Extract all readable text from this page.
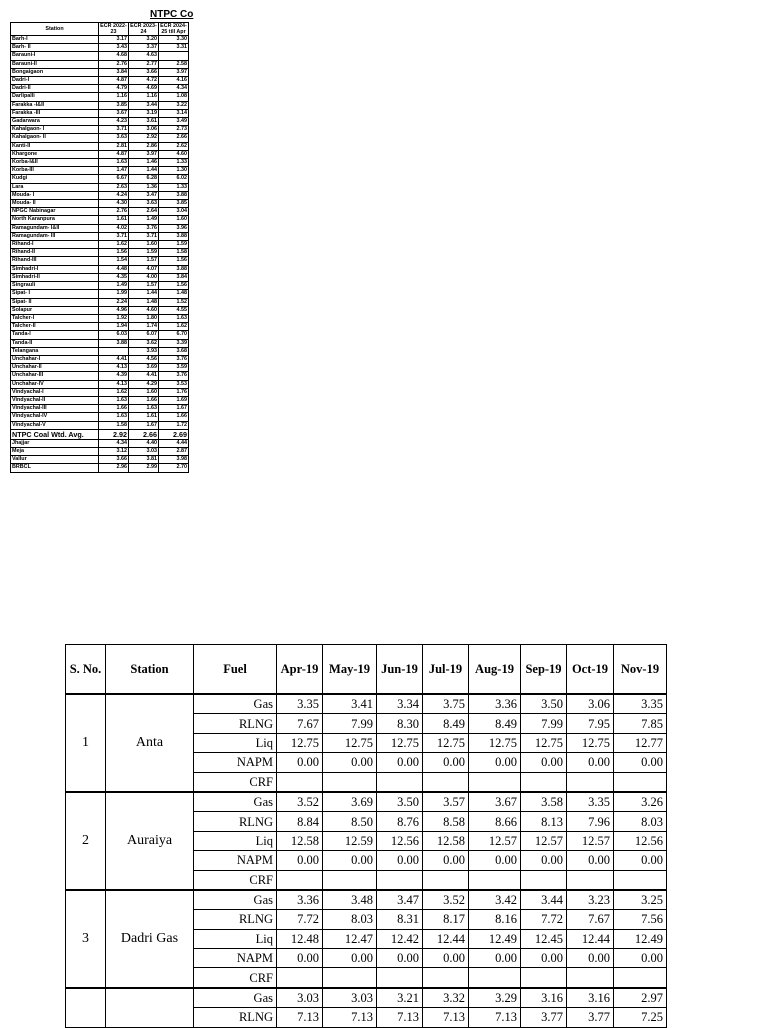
NTPC Co
Station	ECR 2022-23	ECR 2023-24	ECR 2024-25 till Apr
Barh-I	3.17	3.20	3.30
Barh- II	3.43	3.37	3.31
Barauni-I	4.68	4.63	
Barauni-II	2.76	2.77	2.58
Bongaigaon	3.84	3.66	3.97
Dadri-I	4.87	4.72	4.16
Dadri-II	4.79	4.69	4.34
Darlipalli	1.16	1.16	1.08
Farakka -I&II	3.85	3.44	3.22
Farakka -III	3.67	3.19	3.14
Gadarwara	4.23	3.61	3.49
Kahalgaon- I	3.71	3.06	2.73
Kahalgaon- II	3.63	2.92	2.66
Kanti-II	2.81	2.86	2.62
Khargone	4.87	3.97	4.60
Korba-I&II	1.63	1.46	1.33
Korba-III	1.47	1.44	1.30
Kudgi	6.67	6.28	6.02
Lara	2.63	1.36	1.33
Mouda- I	4.24	3.47	3.88
Mouda- II	4.30	3.63	3.85
NPGC Nabinagar	2.76	2.64	3.04
North Karanpura	1.61	1.49	1.60
Ramagundam- I&II	4.02	3.76	3.96
Ramagundam- III	3.71	3.71	3.88
Rihand-I	1.62	1.60	1.59
Rihand-II	1.56	1.59	1.58
Rihand-III	1.54	1.57	1.56
Simhadri-I	4.48	4.07	3.88
Simhadri-II	4.35	4.00	3.84
Singrauli	1.49	1.57	1.56
Sipat- I	1.99	1.44	1.48
Sipat- II	2.24	1.48	1.52
Solapur	4.96	4.60	4.55
Talcher-I	1.92	1.80	1.63
Talcher-II	1.94	1.74	1.62
Tanda-I	6.03	6.07	6.70
Tanda-II	3.88	3.62	3.39
Telangana		3.93	3.68
Unchahar-I	4.41	4.56	3.76
Unchahar-II	4.13	3.69	3.59
Unchahar-III	4.39	4.41	3.76
Unchahar-IV	4.13	4.29	3.53
Vindyachal-I	1.62	1.60	1.76
Vindyachal-II	1.63	1.66	1.69
Vindyachal-III	1.66	1.63	1.67
Vindyachal-IV	1.63	1.61	1.66
Vindyachal-V	1.58	1.67	1.72
NTPC Coal Wtd. Avg.	2.92	2.66	2.69
Jhajjar	4.34	4.40	4.44
Meja	3.12	3.03	2.87
Vallur	3.66	3.81	3.98
BRBCL	2.96	2.99	2.70
S. No.	Station	Fuel	Apr-19	May-19	Jun-19	Jul-19	Aug-19	Sep-19	Oct-19	Nov-19
1	Anta	Gas	3.35	3.41	3.34	3.75	3.36	3.50	3.06	3.35
		RLNG	7.67	7.99	8.30	8.49	8.49	7.99	7.95	7.85
		Liq	12.75	12.75	12.75	12.75	12.75	12.75	12.75	12.77
		NAPM	0.00	0.00	0.00	0.00	0.00	0.00	0.00	0.00
		CRF								
2	Auraiya	Gas	3.52	3.69	3.50	3.57	3.67	3.58	3.35	3.26
		RLNG	8.84	8.50	8.76	8.58	8.66	8.13	7.96	8.03
		Liq	12.58	12.59	12.56	12.58	12.57	12.57	12.57	12.56
		NAPM	0.00	0.00	0.00	0.00	0.00	0.00	0.00	0.00
		CRF								
3	Dadri Gas	Gas	3.36	3.48	3.47	3.52	3.42	3.44	3.23	3.25
		RLNG	7.72	8.03	8.31	8.17	8.16	7.72	7.67	7.56
		Liq	12.48	12.47	12.42	12.44	12.49	12.45	12.44	12.49
		NAPM	0.00	0.00	0.00	0.00	0.00	0.00	0.00	0.00
		CRF								
		Gas	3.03	3.03	3.21	3.32	3.29	3.16	3.16	2.97
		RLNG	7.13	7.13	7.13	7.13	7.13	3.77	3.77	7.25
